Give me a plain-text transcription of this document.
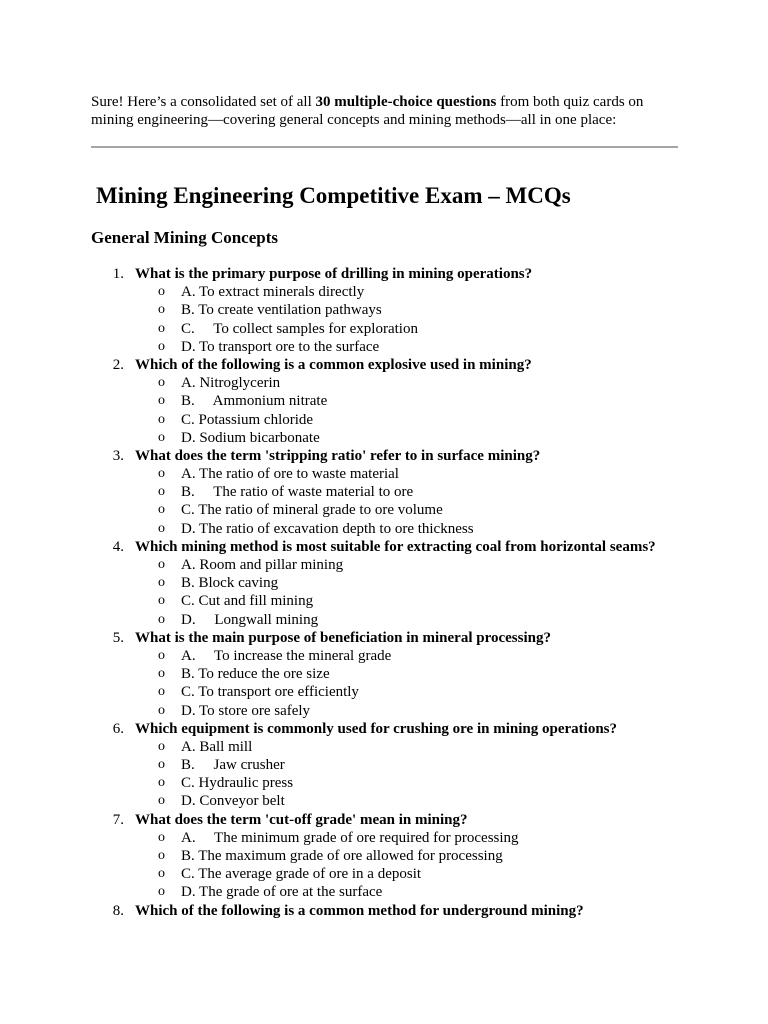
Sure! Here’s a consolidated set of all 30 multiple-choice questions from both quiz cards on mining engineering—covering general concepts and mining methods—all in one place:

Mining Engineering Competitive Exam – MCQs
General Mining Concepts
1. What is the primary purpose of drilling in mining operations?
o A. To extract minerals directly
o B. To create ventilation pathways
o C.     To collect samples for exploration
o D. To transport ore to the surface
2. Which of the following is a common explosive used in mining?
o A. Nitroglycerin
o B.     Ammonium nitrate
o C. Potassium chloride
o D. Sodium bicarbonate
3. What does the term 'stripping ratio' refer to in surface mining?
o A. The ratio of ore to waste material
o B.     The ratio of waste material to ore
o C. The ratio of mineral grade to ore volume
o D. The ratio of excavation depth to ore thickness
4. Which mining method is most suitable for extracting coal from horizontal seams?
o A. Room and pillar mining
o B. Block caving
o C. Cut and fill mining
o D.     Longwall mining
5. What is the main purpose of beneficiation in mineral processing?
o A.     To increase the mineral grade
o B. To reduce the ore size
o C. To transport ore efficiently
o D. To store ore safely
6. Which equipment is commonly used for crushing ore in mining operations?
o A. Ball mill
o B.     Jaw crusher
o C. Hydraulic press
o D. Conveyor belt
7. What does the term 'cut-off grade' mean in mining?
o A.     The minimum grade of ore required for processing
o B. The maximum grade of ore allowed for processing
o C. The average grade of ore in a deposit
o D. The grade of ore at the surface
8. Which of the following is a common method for underground mining?
